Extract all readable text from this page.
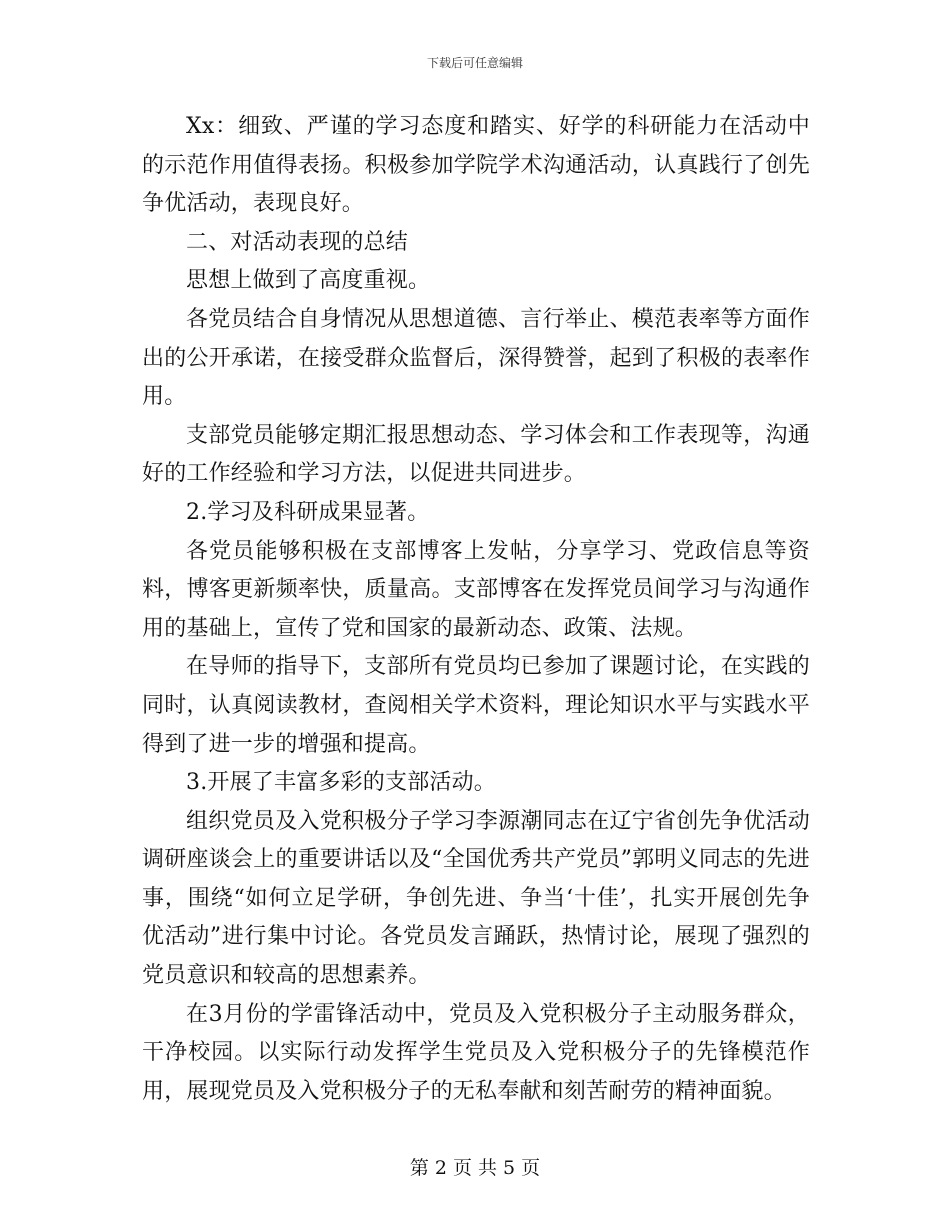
下载后可任意编辑

Xx：细致、严谨的学习态度和踏实、好学的科研能力在活动中的示范作用值得表扬。积极参加学院学术沟通活动，认真践行了创先争优活动，表现良好。

二、对活动表现的总结

思想上做到了高度重视。

各党员结合自身情况从思想道德、言行举止、模范表率等方面作出的公开承诺，在接受群众监督后，深得赞誉，起到了积极的表率作用。

支部党员能够定期汇报思想动态、学习体会和工作表现等，沟通好的工作经验和学习方法，以促进共同进步。

2.学习及科研成果显著。

各党员能够积极在支部博客上发帖，分享学习、党政信息等资料，博客更新频率快，质量高。支部博客在发挥党员间学习与沟通作用的基础上，宣传了党和国家的最新动态、政策、法规。

在导师的指导下，支部所有党员均已参加了课题讨论，在实践的同时，认真阅读教材，查阅相关学术资料，理论知识水平与实践水平得到了进一步的增强和提高。

3.开展了丰富多彩的支部活动。

组织党员及入党积极分子学习李源潮同志在辽宁省创先争优活动调研座谈会上的重要讲话以及“全国优秀共产党员”郭明义同志的先进事，围绕“如何立足学研，争创先进、争当‘十佳’，扎实开展创先争优活动”进行集中讨论。各党员发言踊跃，热情讨论，展现了强烈的党员意识和较高的思想素养。

在3月份的学雷锋活动中，党员及入党积极分子主动服务群众，干净校园。以实际行动发挥学生党员及入党积极分子的先锋模范作用，展现党员及入党积极分子的无私奉献和刻苦耐劳的精神面貌。

第 2 页 共 5 页
